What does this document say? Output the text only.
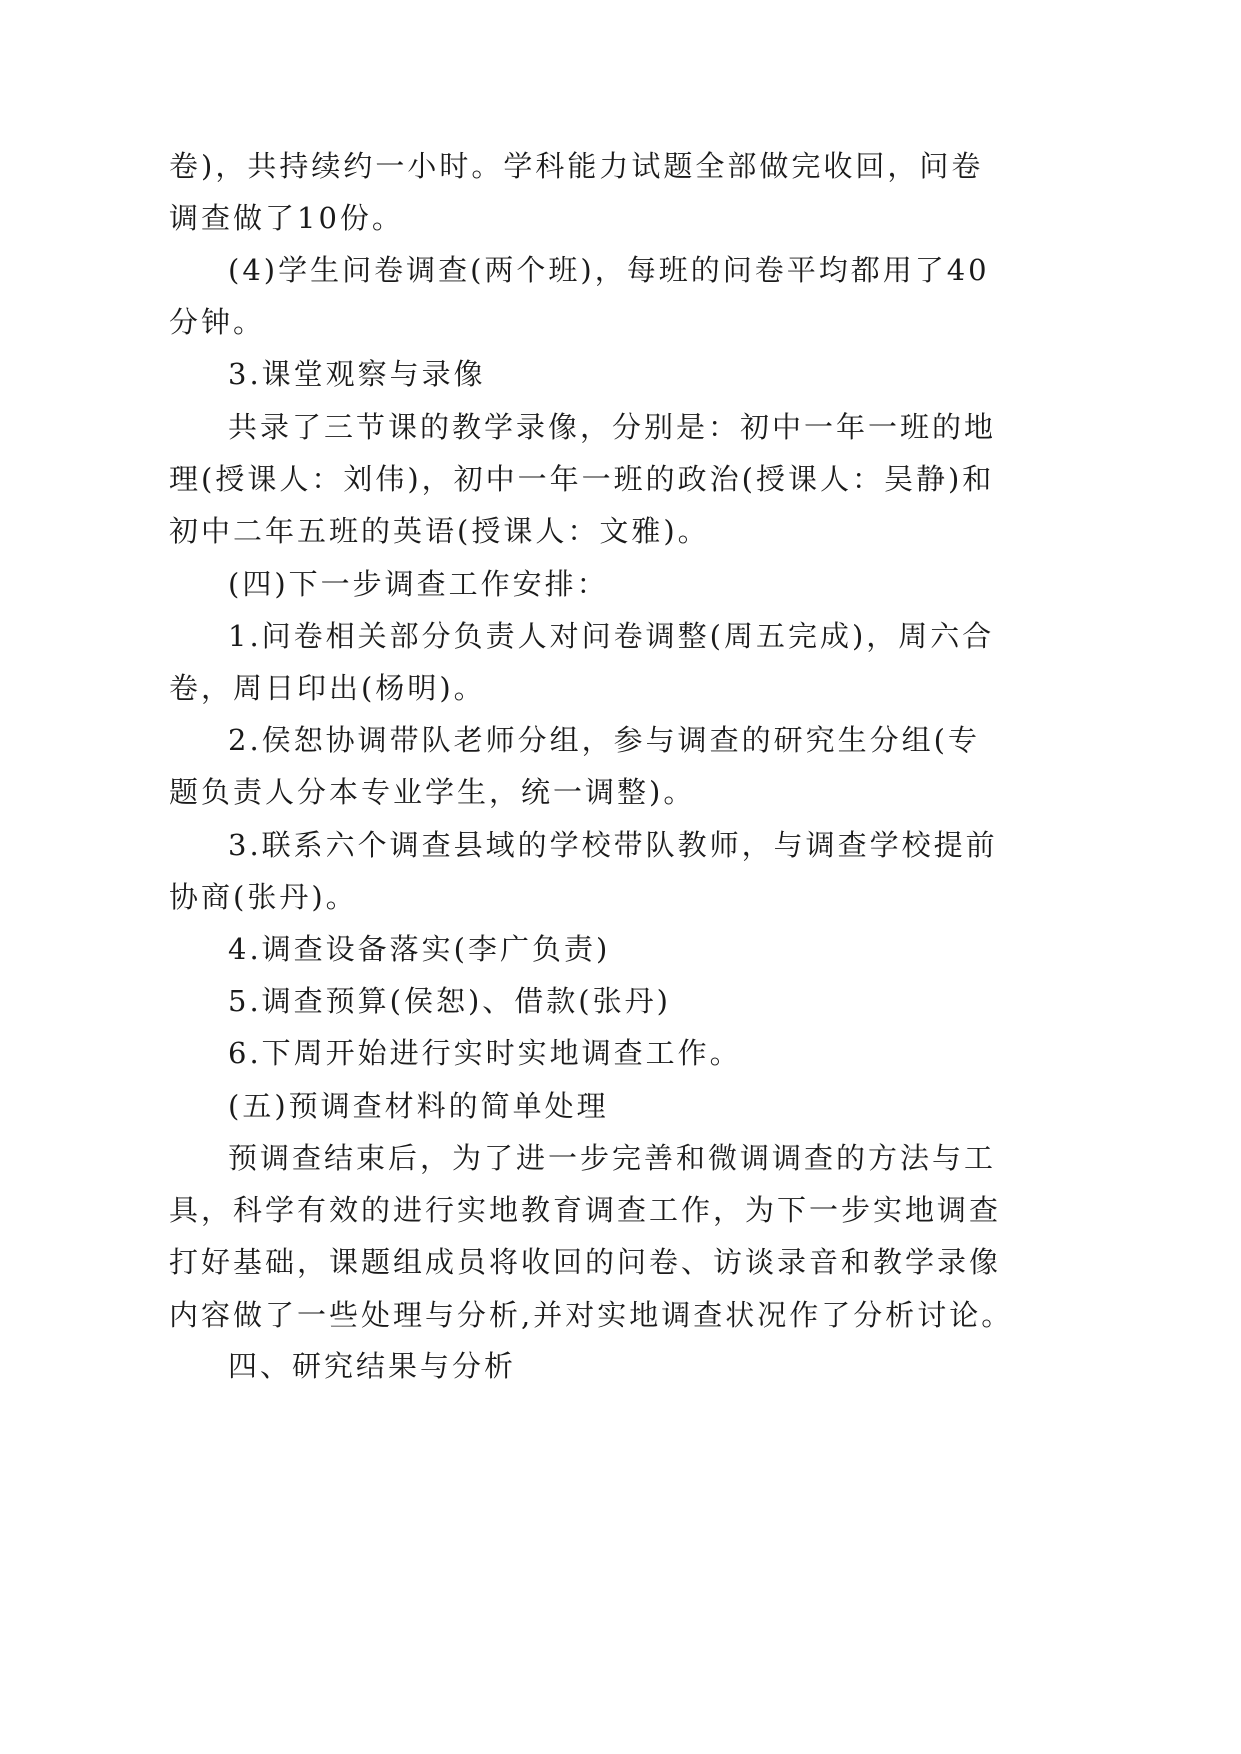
卷)，共持续约一小时。学科能力试题全部做完收回，问卷
调查做了10份。
(4)学生问卷调查(两个班)，每班的问卷平均都用了40
分钟。
3.课堂观察与录像
共录了三节课的教学录像，分别是：初中一年一班的地
理(授课人：刘伟)，初中一年一班的政治(授课人：吴静)和
初中二年五班的英语(授课人：文雅)。
(四)下一步调查工作安排：
1.问卷相关部分负责人对问卷调整(周五完成)，周六合
卷，周日印出(杨明)。
2.侯恕协调带队老师分组，参与调查的研究生分组(专
题负责人分本专业学生，统一调整)。
3.联系六个调查县域的学校带队教师，与调查学校提前
协商(张丹)。
4.调查设备落实(李广负责)
5.调查预算(侯恕)、借款(张丹)
6.下周开始进行实时实地调查工作。
(五)预调查材料的简单处理
预调查结束后，为了进一步完善和微调调查的方法与工
具，科学有效的进行实地教育调查工作，为下一步实地调查
打好基础，课题组成员将收回的问卷、访谈录音和教学录像
内容做了一些处理与分析,并对实地调查状况作了分析讨论。
四、研究结果与分析
